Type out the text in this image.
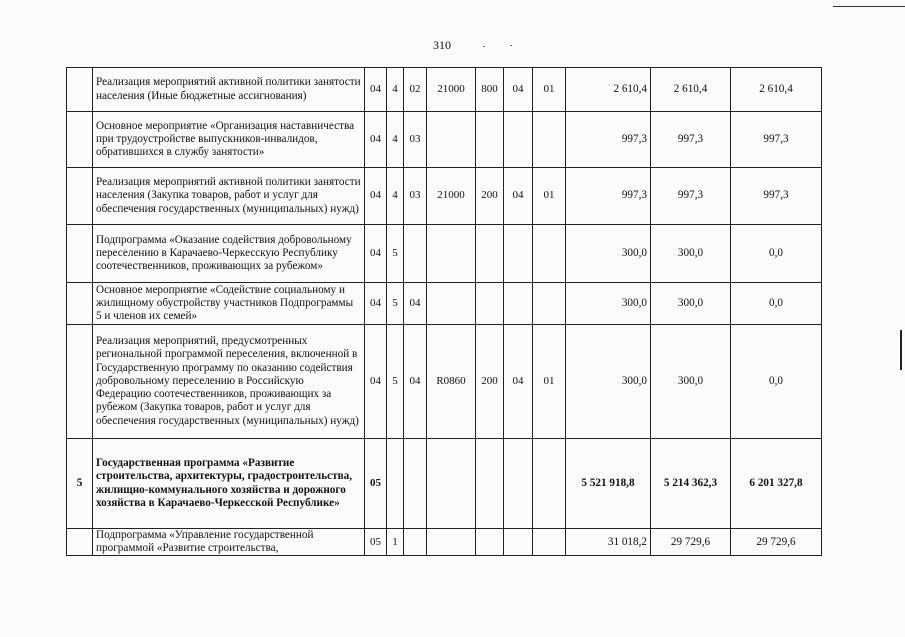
310
	Реализация мероприятий активной политики занятости населения (Иные бюджетные ассигнования)	04	4	02	21000	800	04	01	2 610,4	2 610,4	2 610,4
	Основное мероприятие «Организация наставничества при трудоустройстве выпускников-инвалидов, обратившихся в службу занятости»	04	4	03					997,3	997,3	997,3
	Реализация мероприятий активной политики занятости населения (Закупка товаров, работ и услуг для обеспечения государственных (муниципальных) нужд)	04	4	03	21000	200	04	01	997,3	997,3	997,3
	Подпрограмма «Оказание содействия добровольному переселению в Карачаево-Черкесскую Республику соотечественников, проживающих за рубежом»	04	5						300,0	300,0	0,0
	Основное мероприятие «Содействие социальному и жилищному обустройству участников Подпрограммы 5 и членов их семей»	04	5	04					300,0	300,0	0,0
	Реализация мероприятий, предусмотренных региональной программой переселения, включенной в Государственную программу по оказанию содействия добровольному переселению в Российскую Федерацию соотечественников, проживающих за рубежом (Закупка товаров, работ и услуг для обеспечения государственных (муниципальных) нужд)	04	5	04	R0860	200	04	01	300,0	300,0	0,0
5	Государственная программа «Развитие строительства, архитектуры, градостроительства, жилищно-коммунального хозяйства и дорожного хозяйства в Карачаево-Черкесской Республике»	05							5 521 918,8	5 214 362,3	6 201 327,8
	Подпрограмма «Управление государственной программой «Развитие строительства,	05	1						31 018,2	29 729,6	29 729,6
